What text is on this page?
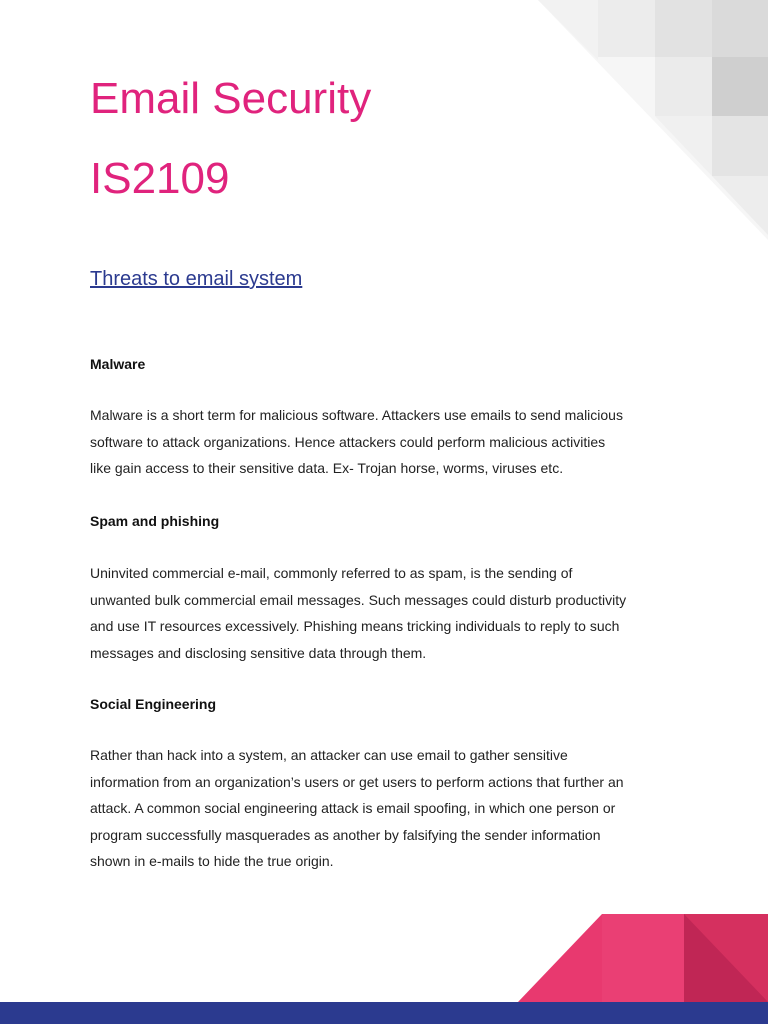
Email Security
IS2109
Threats to email system
Malware

Malware is a short term for malicious software. Attackers use emails to send malicious
software to attack organizations. Hence attackers could perform malicious activities
like gain access to their sensitive data. Ex- Trojan horse, worms, viruses etc.

Spam and phishing

Uninvited commercial e-mail, commonly referred to as spam, is the sending of
unwanted bulk commercial email messages. Such messages could disturb productivity
and use IT resources excessively. Phishing means tricking individuals to reply to such
messages and disclosing sensitive data through them.

Social Engineering

Rather than hack into a system, an attacker can use email to gather sensitive
information from an organization’s users or get users to perform actions that further an
attack. A common social engineering attack is email spoofing, in which one person or
program successfully masquerades as another by falsifying the sender information
shown in e-mails to hide the true origin.
